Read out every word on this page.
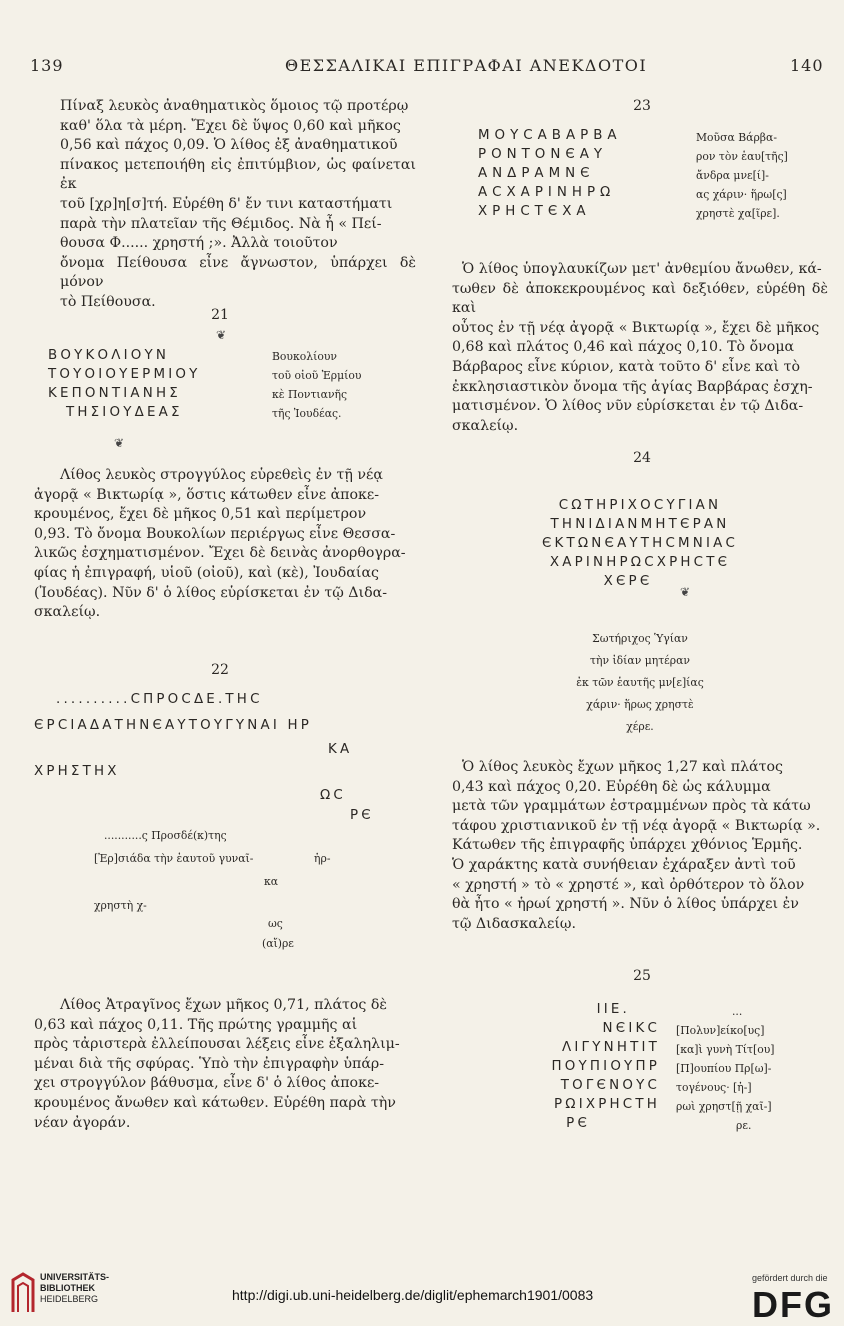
139	ΘΕΣΣΑΛΙΚΑΙ ΕΠΙΓΡΑΦΑΙ ΑΝΕΚΔΟΤΟΙ	140

Πίναξ λευκὸς ἀναθηματικὸς ὅμοιος τῷ προτέρῳ

καθ' ὅλα τὰ μέρη. Ἔχει δὲ ὕψος 0,60 καὶ μῆκος

0,56 καὶ πάχος 0,09. Ὁ λίθος ἐξ ἀναθηματικοῦ

πίνακος μετεποιήθη εἰς ἐπιτύμβιον, ὡς φαίνεται ἐκ

τοῦ [χρ]η[σ]τή. Εὑρέθη δ' ἔν τινι καταστήματι

παρὰ τὴν πλατεῖαν τῆς Θέμιδος. Νὰ ἦ « Πεί-

θουσα Φ...... χρηστή ;». Ἀλλὰ τοιοῦτον

ὄνομα Πείθουσα εἶνε ἄγνωστον, ὑπάρχει δὲ μόνον

τὸ Πείθουσα.

21
❦
ΒΟΥΚΟΛΙΟΥΝ
ΤΟΥΟΙΟΥΕΡΜΙΟΥ
ΚΕΠΟΝΤΙΑΝΗΣ
ΤΗΣΙΟΥΔΕΑΣ
Βουκολίουν
τοῦ οἰοῦ Ἑρμίου
κὲ Ποντιανῆς
τῆς Ἰουδέας.
❦

Λίθος λευκὸς στρογγύλος εὑρεθεὶς ἐν τῇ νέᾳ

ἀγορᾷ « Βικτωρίᾳ », ὅστις κάτωθεν εἶνε ἀποκε-

κρουμένος, ἔχει δὲ μῆκος 0,51 καὶ περίμετρον

0,93. Τὸ ὄνομα Βουκολίων περιέργως εἶνε Θεσσα-

λικῶς ἐσχηματισμένον. Ἔχει δὲ δεινὰς ἀνορθογρα-

φίας ἡ ἐπιγραφή, υἱοῦ (οἰοῦ), καὶ (κὲ), Ἰουδαίας

(Ἰουδέας). Νῦν δ' ὁ λίθος εὑρίσκεται ἐν τῷ Διδα-

σκαλείῳ.

22
..........ϹΠΡΟϹΔΕ.ΤΗϹ
ЄΡϹΙΑΔΑΤΗΝЄΑΥΤΟΥΓΥΝΑΙ ΗΡ
ΚΑ
ΧΡΗΣΤΗΧ
ΩϹ
ΡЄ
...........ς Προσδέ(κ)της
[Ἐρ]σιάδα τὴν ἑαυτοῦ γυναῖ-	ἡρ-
κα
χρηστὴ χ-
ως
(αἴ)ρε

Λίθος Ἀτραγῖνος ἔχων μῆκος 0,71, πλάτος δὲ

0,63 καὶ πάχος 0,11. Τῆς πρώτης γραμμῆς αἱ

πρὸς τἀριστερὰ ἐλλείπουσαι λέξεις εἶνε ἐξαληλιμ-

μέναι διὰ τῆς σφύρας. Ὑπὸ τὴν ἐπιγραφὴν ὑπάρ-

χει στρογγύλον βάθυσμα, εἶνε δ' ὁ λίθος ἀποκε-

κρουμένος ἄνωθεν καὶ κάτωθεν. Εὑρέθη παρὰ τὴν

νέαν ἀγοράν.

23
ΜΟΥϹΑΒΑΡΒΑ
ΡΟΝΤΟΝЄΑΥ
ΑΝΔΡΑΜΝЄ
ΑϹΧΑΡΙΝΗΡΩ
ΧΡΗϹΤЄΧΑ
Μοῦσα Βάρβα-
ρον τὸν ἑαυ[τῆς]
ἄνδρα μνε[ί]-
ας χάριν· ἥρω[ς]
χρηστὲ χα[ῖρε].

Ὁ λίθος ὑπογλαυκίζων μετ' ἀνθεμίου ἄνωθεν, κά-

τωθεν δὲ ἀποκεκρουμένος καὶ δεξιόθεν, εὑρέθη δὲ καὶ

οὗτος ἐν τῇ νέᾳ ἀγορᾷ « Βικτωρίᾳ », ἔχει δὲ μῆκος

0,68 καὶ πλάτος 0,46 καὶ πάχος 0,10. Τὸ ὄνομα

Βάρβαρος εἶνε κύριον, κατὰ τοῦτο δ' εἶνε καὶ τὸ

ἐκκλησιαστικὸν ὄνομα τῆς ἁγίας Βαρβάρας ἐσχη-

ματισμένον. Ὁ λίθος νῦν εὑρίσκεται ἐν τῷ Διδα-

σκαλείῳ.

24
ϹΩΤΗΡΙΧΟϹΥΓΙΑΝ
ΤΗΝΙΔΙΑΝΜΗΤЄΡΑΝ
ЄΚΤΩΝЄΑΥΤΗϹΜΝΙΑϹ
ΧΑΡΙΝΗΡΩϹΧΡΗϹΤЄ
ΧЄΡЄ
❦
Σωτήριχος Ὑγίαν
τὴν ἰδίαν μητέραν
ἐκ τῶν ἑαυτῆς μν[ε]ίας
χάριν· ἥρως χρηστὲ
χέρε.

Ὁ λίθος λευκὸς ἔχων μῆκος 1,27 καὶ πλάτος

0,43 καὶ πάχος 0,20. Εὑρέθη δὲ ὡς κάλυμμα

μετὰ τῶν γραμμάτων ἐστραμμένων πρὸς τὰ κάτω

τάφου χριστιανικοῦ ἐν τῇ νέᾳ ἀγορᾷ « Βικτωρίᾳ ».

Κάτωθεν τῆς ἐπιγραφῆς ὑπάρχει χθόνιος Ἑρμῆς.

Ὁ χαράκτης κατὰ συνήθειαν ἐχάραξεν ἀντὶ τοῦ

« χρηστή » τὸ « χρηστέ », καὶ ὀρθότερον τὸ ὅλον

θὰ ἦτο « ἡρωί χρηστή ». Νῦν ὁ λίθος ὑπάρχει ἐν

τῷ Διδασκαλείῳ.

25
ΙΙΕ.
ΝЄΙΚϹ
ΛΙΓΥΝΗΤΙΤ
ΠΟΥΠΙΟΥΠΡ
ΤΟΓЄΝΟΥϹ
ΡΩΙΧΡΗϹΤΗ
ΡЄ
...
[Πολυν]είκο[υς]
[κα]ὶ γυνὴ Τίτ[ου]
[Π]ουπίου Πρ[ω]-
τογένους· [ἡ-]
ρωὶ χρηστ[ῇ χαῖ-]
ρε.
UNIVERSITÄTS-
BIBLIOTHEK
HEIDELBERG	http://digi.ub.uni-heidelberg.de/diglit/ephemarch1901/0083
gefördert durch die
DFG
